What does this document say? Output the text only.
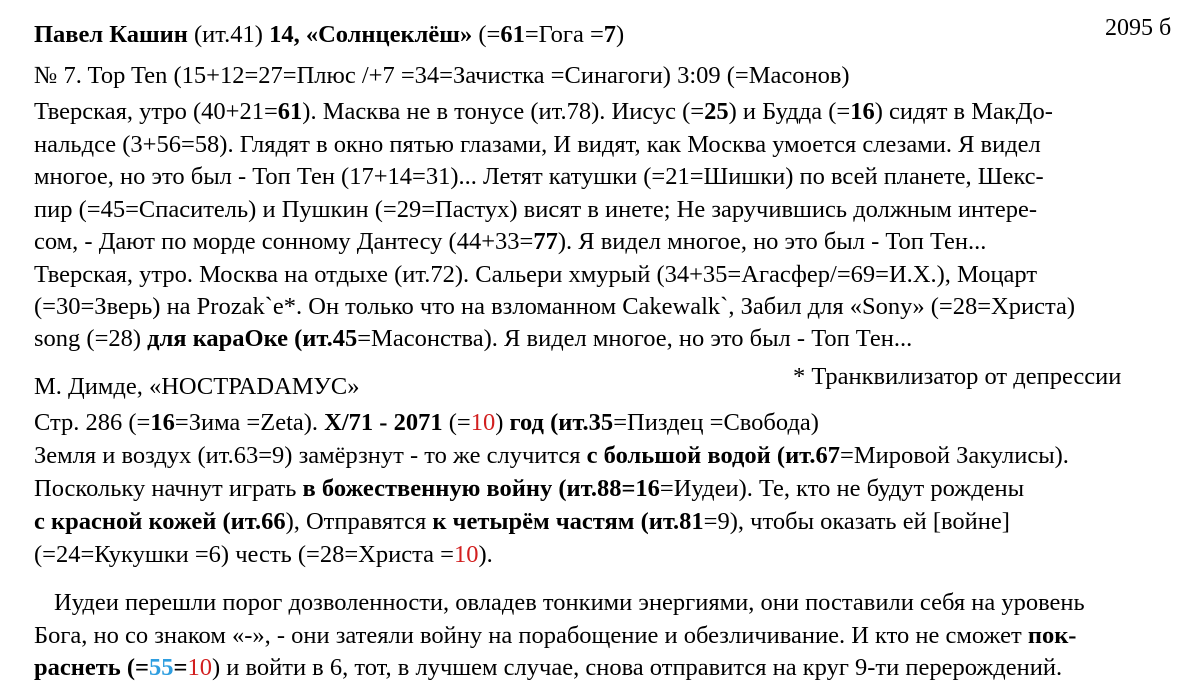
2095 б
Павел Кашин (ит.41) 14, «Солнцеклёш» (=61=Гога =7)
№ 7. Top Ten (15+12=27=Плюс /+7 =34=Зачистка =Синагоги) 3:09 (=Масонов)
Тверская, утро (40+21=61). Масква не в тонусе (ит.78). Иисус (=25) и Будда (=16) сидят в МакДо-
нальдсе (3+56=58). Глядят в окно пятью глазами, И видят, как Москва умоется слезами. Я видел
многое, но это был - Топ Тен (17+14=31)... Летят катушки (=21=Шишки) по всей планете, Шекс-
пир (=45=Спаситель) и Пушкин (=29=Пастух) висят в инете; Не заручившись должным интере-
сом, - Дают по морде сонному Дантесу (44+33=77). Я видел многое, но это был - Топ Тен...
Тверская, утро. Москва на отдыхе (ит.72). Сальери хмурый (34+35=Агасфер/=69=И.Х.), Моцарт
(=30=Зверь) на Prozak`e*. Он только что на взломанном Cakewalk`, Забил для «Sony» (=28=Христа)
song (=28) для караОке (ит.45=Масонства). Я видел многое, но это был - Топ Тен...
* Транквилизатор от депрессии
М. Димде, «НОСТРАDAMУС»
Стр. 286 (=16=Зима =Zeta). X/71 - 2071 (=10) год (ит.35=Пиздец =Свобода)
Земля и воздух (ит.63=9) замёрзнут - то же случится с большой водой (ит.67=Мировой Закулисы).
Поскольку начнут играть в божественную войну (ит.88=16=Иудеи). Те, кто не будут рождены
с красной кожей (ит.66), Отправятся к четырём частям (ит.81=9), чтобы оказать ей [войне]
(=24=Кукушки =6) честь (=28=Христа =10).
Иудеи перешли порог дозволенности, овладев тонкими энергиями, они поставили себя на уровень
Бога, но со знаком «-», - они затеяли войну на порабощение и обезличивание. И кто не сможет пок-
раснеть (=55=10) и войти в 6, тот, в лучшем случае, снова отправится на круг 9-ти перерождений.
